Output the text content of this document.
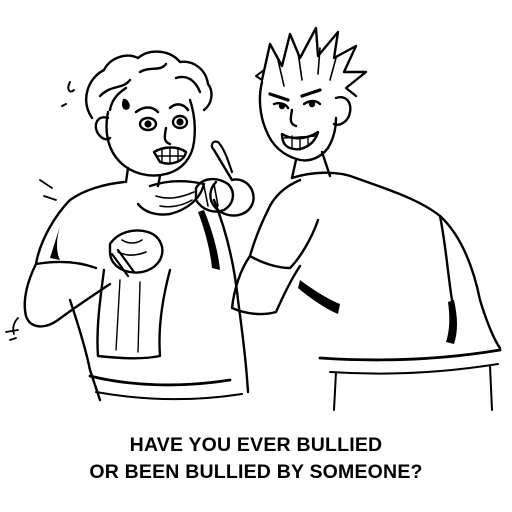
HAVE YOU EVER BULLIED
OR BEEN BULLIED BY SOMEONE?
